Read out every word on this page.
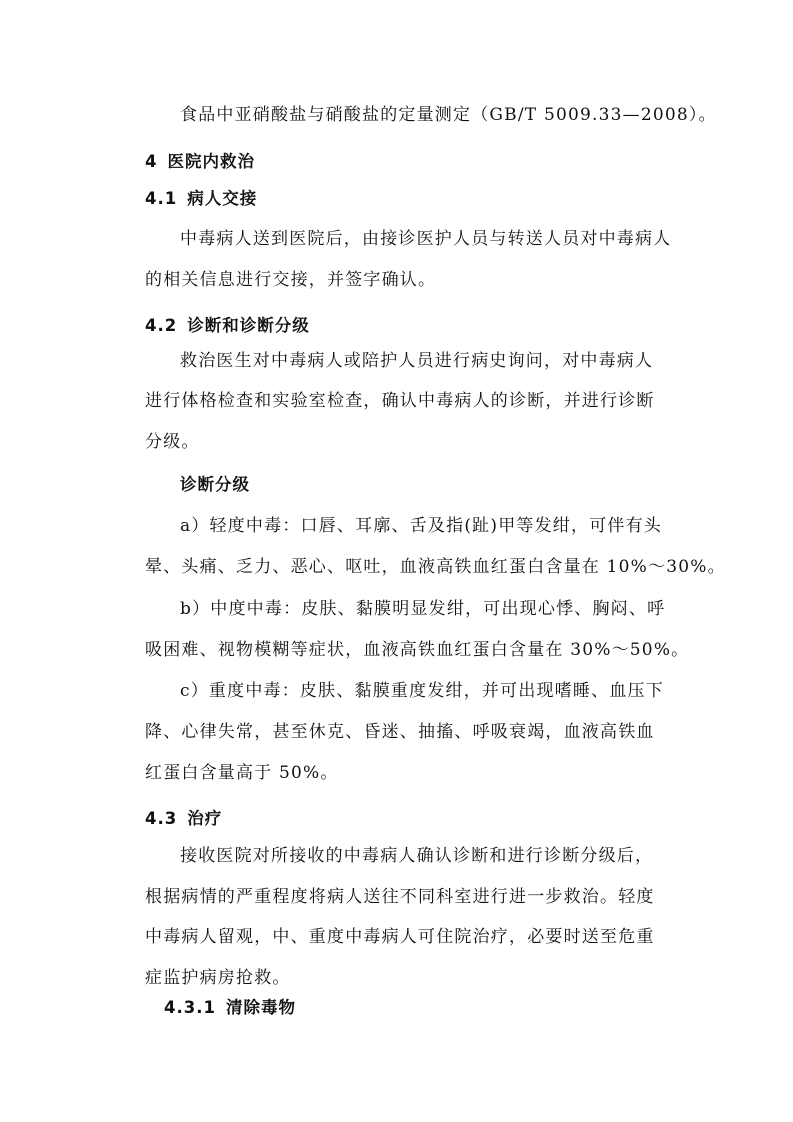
食品中亚硝酸盐与硝酸盐的定量测定（GB/T 5009.33—2008）。
4 医院内救治
4.1 病人交接
中毒病人送到医院后，由接诊医护人员与转送人员对中毒病人
的相关信息进行交接，并签字确认。
4.2 诊断和诊断分级
救治医生对中毒病人或陪护人员进行病史询问，对中毒病人
进行体格检查和实验室检查，确认中毒病人的诊断，并进行诊断
分级。
诊断分级
a）轻度中毒：口唇、耳廓、舌及指(趾)甲等发绀，可伴有头
晕、头痛、乏力、恶心、呕吐，血液高铁血红蛋白含量在 10%～30%。
b）中度中毒：皮肤、黏膜明显发绀，可出现心悸、胸闷、呼
吸困难、视物模糊等症状，血液高铁血红蛋白含量在 30%～50%。
c）重度中毒：皮肤、黏膜重度发绀，并可出现嗜睡、血压下
降、心律失常，甚至休克、昏迷、抽搐、呼吸衰竭，血液高铁血
红蛋白含量高于 50%。
4.3 治疗
接收医院对所接收的中毒病人确认诊断和进行诊断分级后，
根据病情的严重程度将病人送往不同科室进行进一步救治。轻度
中毒病人留观，中、重度中毒病人可住院治疗，必要时送至危重
症监护病房抢救。
4.3.1 清除毒物
